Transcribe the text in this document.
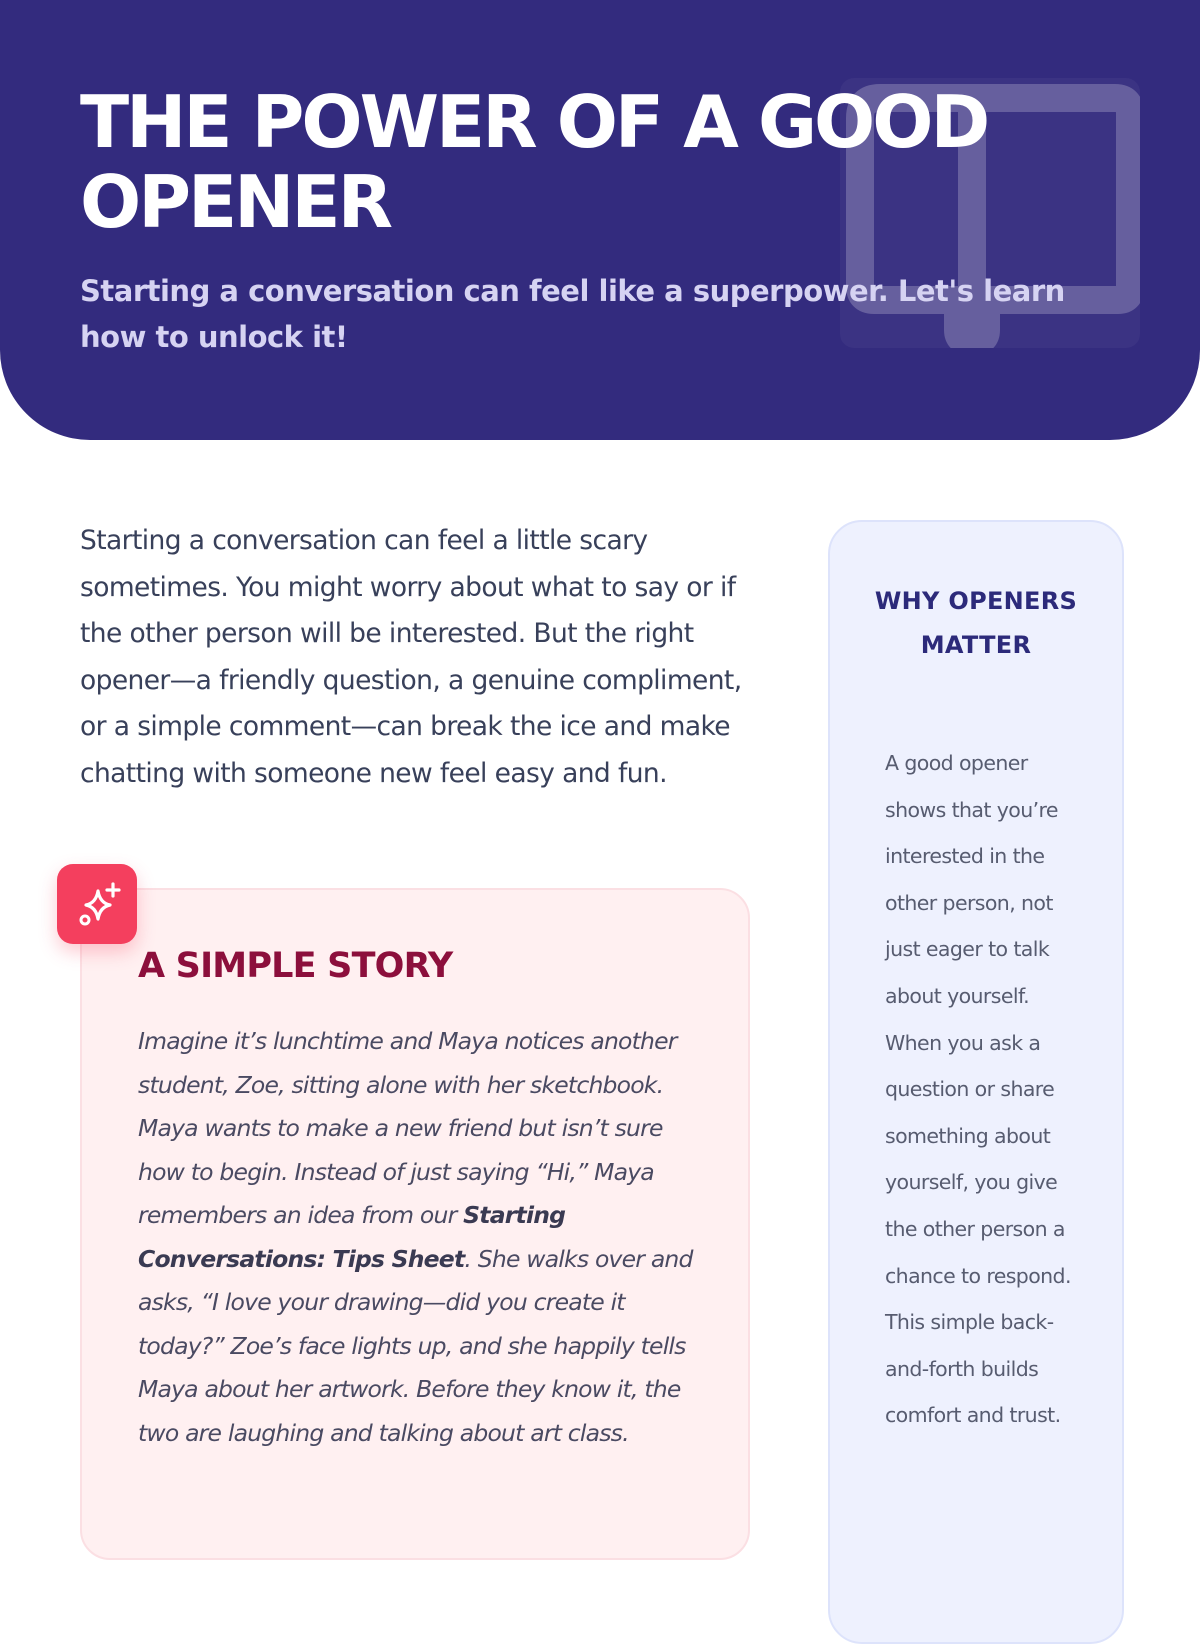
THE POWER OF A GOOD OPENER

Starting a conversation can feel like a superpower. Let's learn how to unlock it!

Starting a conversation can feel a little scary sometimes. You might worry about what to say or if the other person will be interested. But the right opener—a friendly question, a genuine compliment, or a simple comment—can break the ice and make chatting with someone new feel easy and fun.

A SIMPLE STORY

Imagine it’s lunchtime and Maya notices another student, Zoe, sitting alone with her sketchbook. Maya wants to make a new friend but isn’t sure how to begin. Instead of just saying “Hi,” Maya remembers an idea from our Starting Conversations: Tips Sheet. She walks over and asks, “I love your drawing—did you create it today?” Zoe’s face lights up, and she happily tells Maya about her artwork. Before they know it, the two are laughing and talking about art class.

WHY OPENERS MATTER

A good opener shows that you’re interested in the other person, not just eager to talk about yourself. When you ask a question or share something about yourself, you give the other person a chance to respond. This simple back-and-forth builds comfort and trust.
